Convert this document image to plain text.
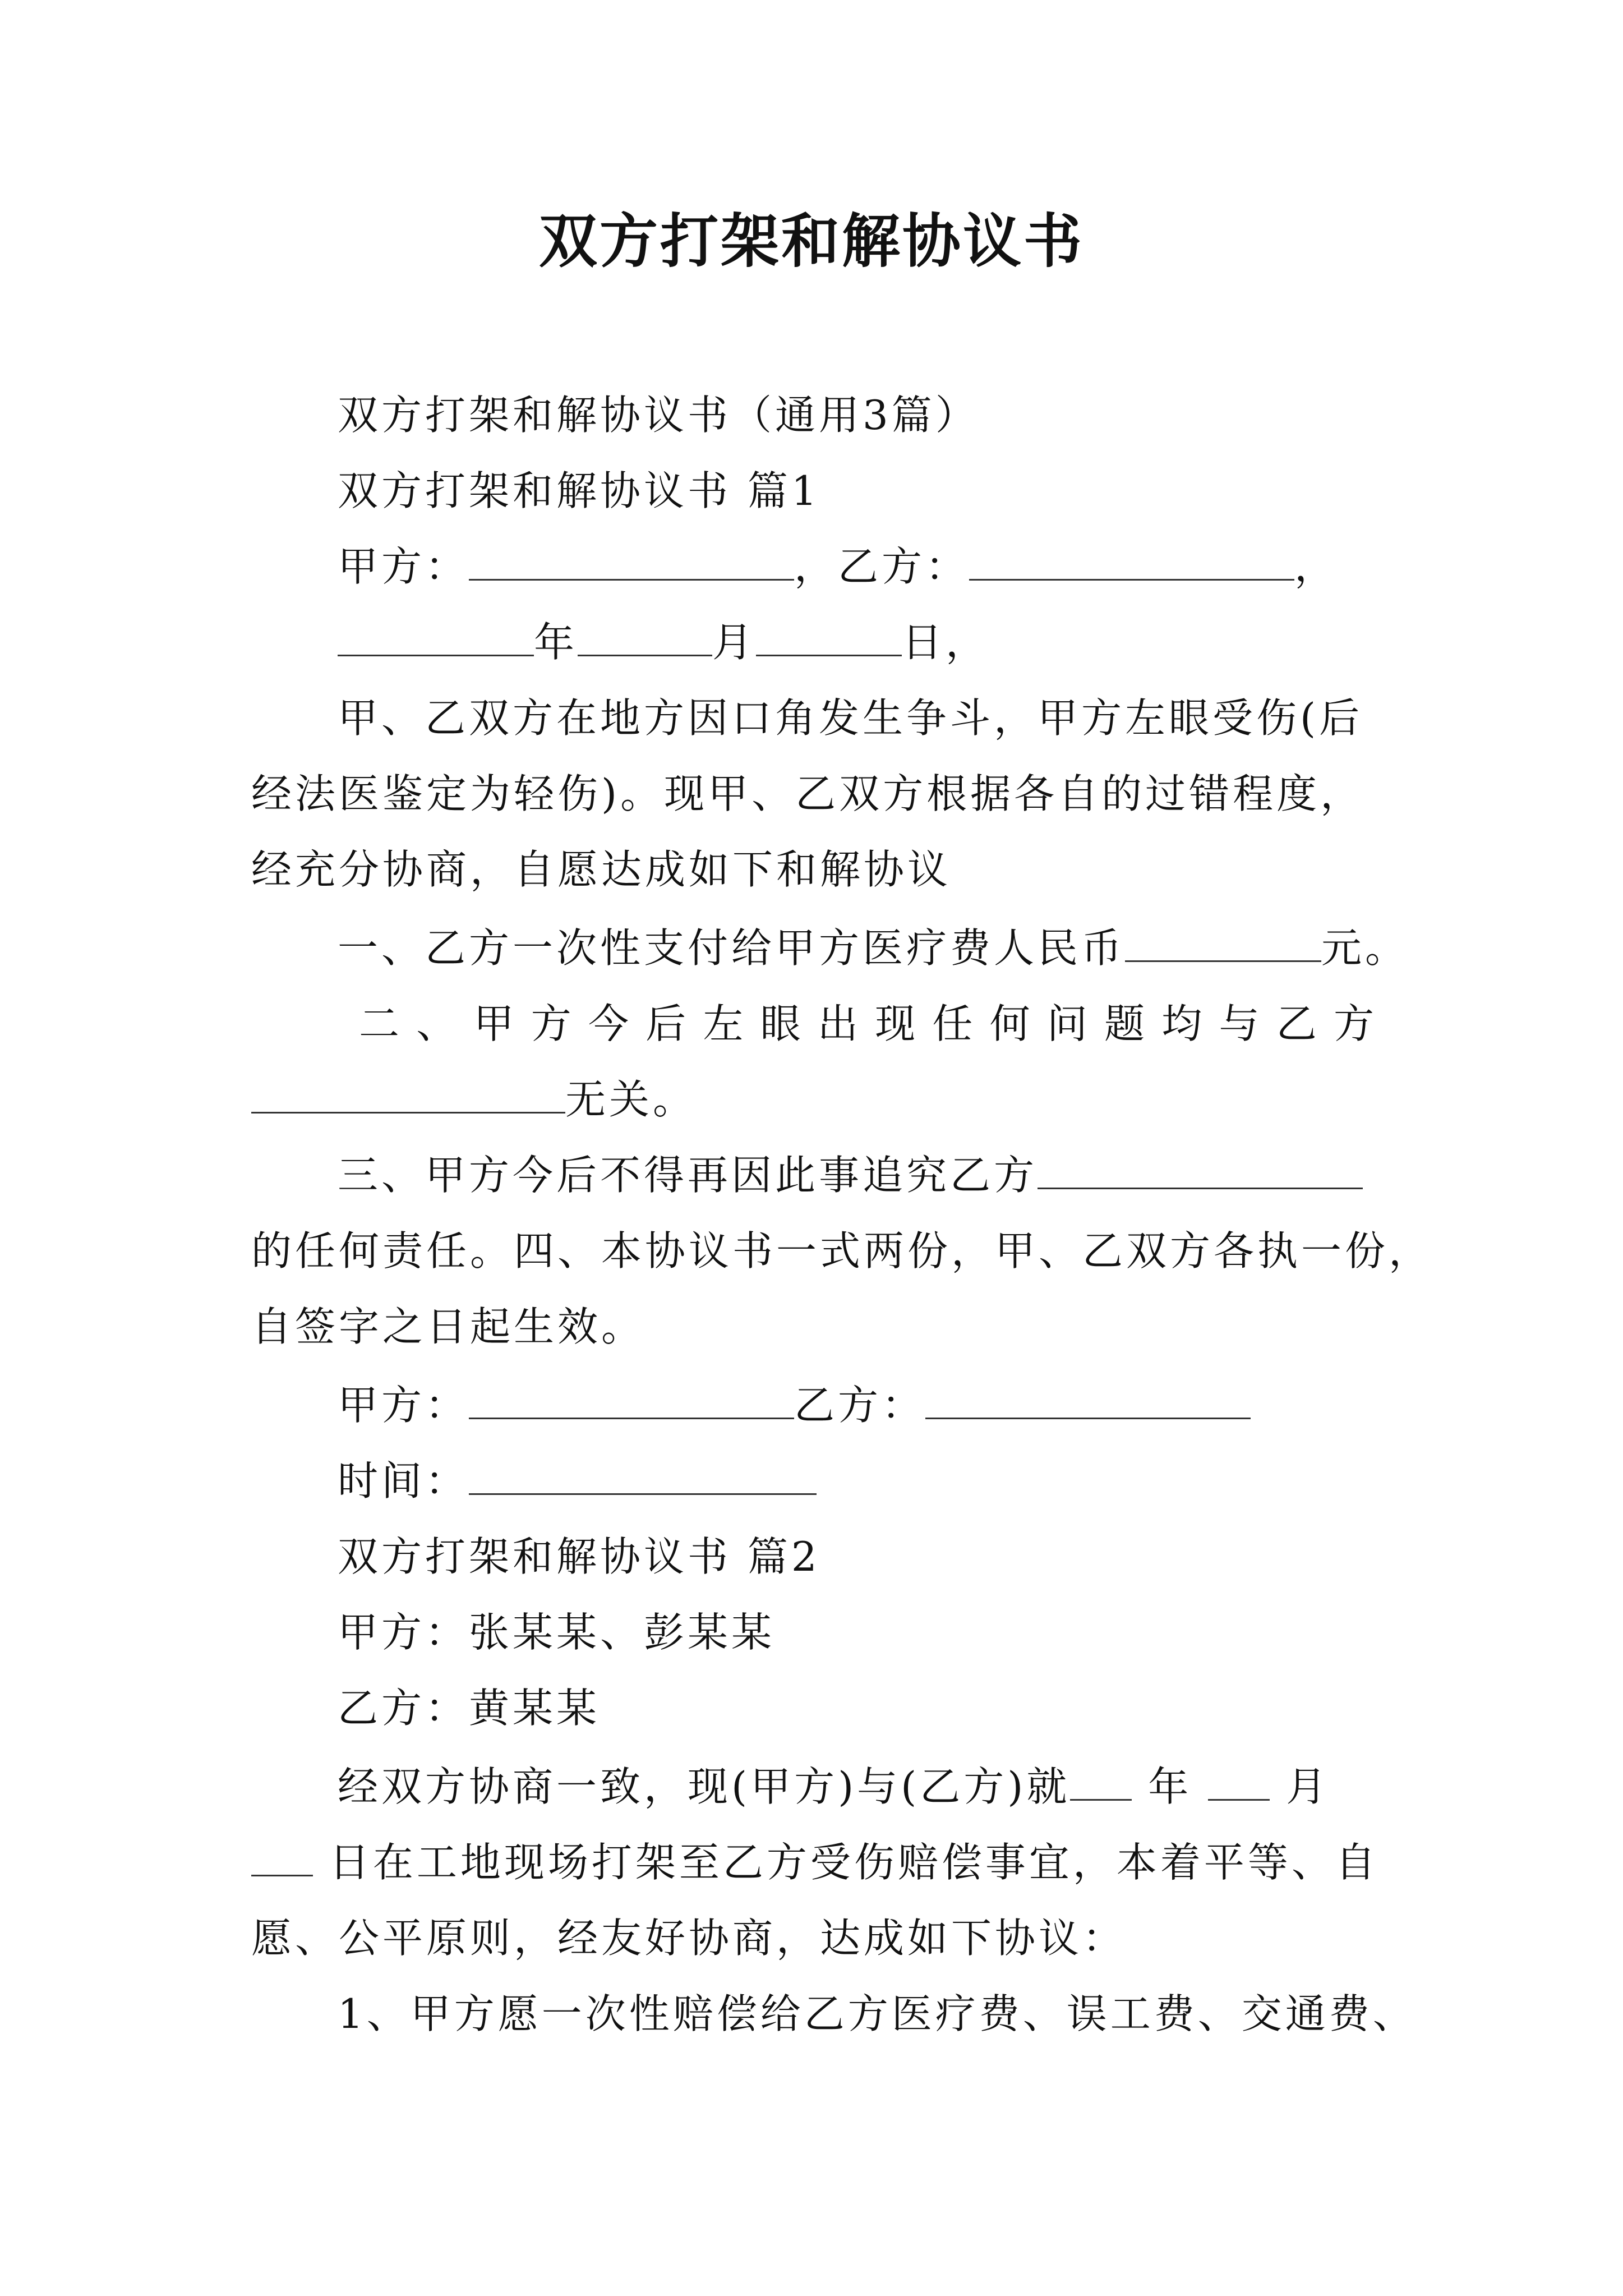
双方打架和解协议书
双方打架和解协议书（通用3篇）
双方打架和解协议书 篇1
甲方：	，乙方：	，
年	月	日，
甲、乙双方在地方因口角发生争斗，甲方左眼受伤(后
经法医鉴定为轻伤)。现甲、乙双方根据各自的过错程度，
经充分协商，自愿达成如下和解协议
一、乙方一次性支付给甲方医疗费人民币	元。
二、甲方今后左眼出现任何问题均与乙方
无关。
三、甲方今后不得再因此事追究乙方
的任何责任。四、本协议书一式两份，甲、乙双方各执一份，
自签字之日起生效。
甲方：	乙方：
时间：
双方打架和解协议书 篇2
甲方：张某某、彭某某
乙方：黄某某
经双方协商一致，现(甲方)与(乙方)就 年 月
日在工地现场打架至乙方受伤赔偿事宜，本着平等、自
愿、公平原则，经友好协商，达成如下协议：
1、甲方愿一次性赔偿给乙方医疗费、误工费、交通费、
